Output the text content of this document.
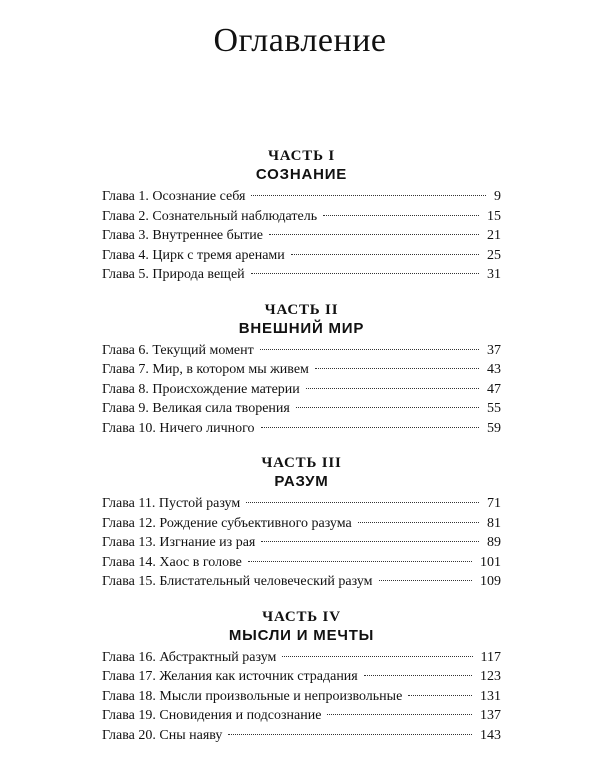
Оглавление
ЧАСТЬ I
СОЗНАНИЕ
Глава 1. Осознание себя	9
Глава 2. Сознательный наблюдатель	15
Глава 3. Внутреннее бытие	21
Глава 4. Цирк с тремя аренами	25
Глава 5. Природа вещей	31
ЧАСТЬ II
ВНЕШНИЙ МИР
Глава 6. Текущий момент	37
Глава 7. Мир, в котором мы живем	43
Глава 8. Происхождение материи	47
Глава 9. Великая сила творения	55
Глава 10. Ничего личного	59
ЧАСТЬ III
РАЗУМ
Глава 11. Пустой разум	71
Глава 12. Рождение субъективного разума	81
Глава 13. Изгнание из рая	89
Глава 14. Хаос в голове	101
Глава 15. Блистательный человеческий разум	109
ЧАСТЬ IV
МЫСЛИ И МЕЧТЫ
Глава 16. Абстрактный разум	117
Глава 17. Желания как источник страдания	123
Глава 18. Мысли произвольные и непроизвольные	131
Глава 19. Сновидения и подсознание	137
Глава 20. Сны наяву	143
